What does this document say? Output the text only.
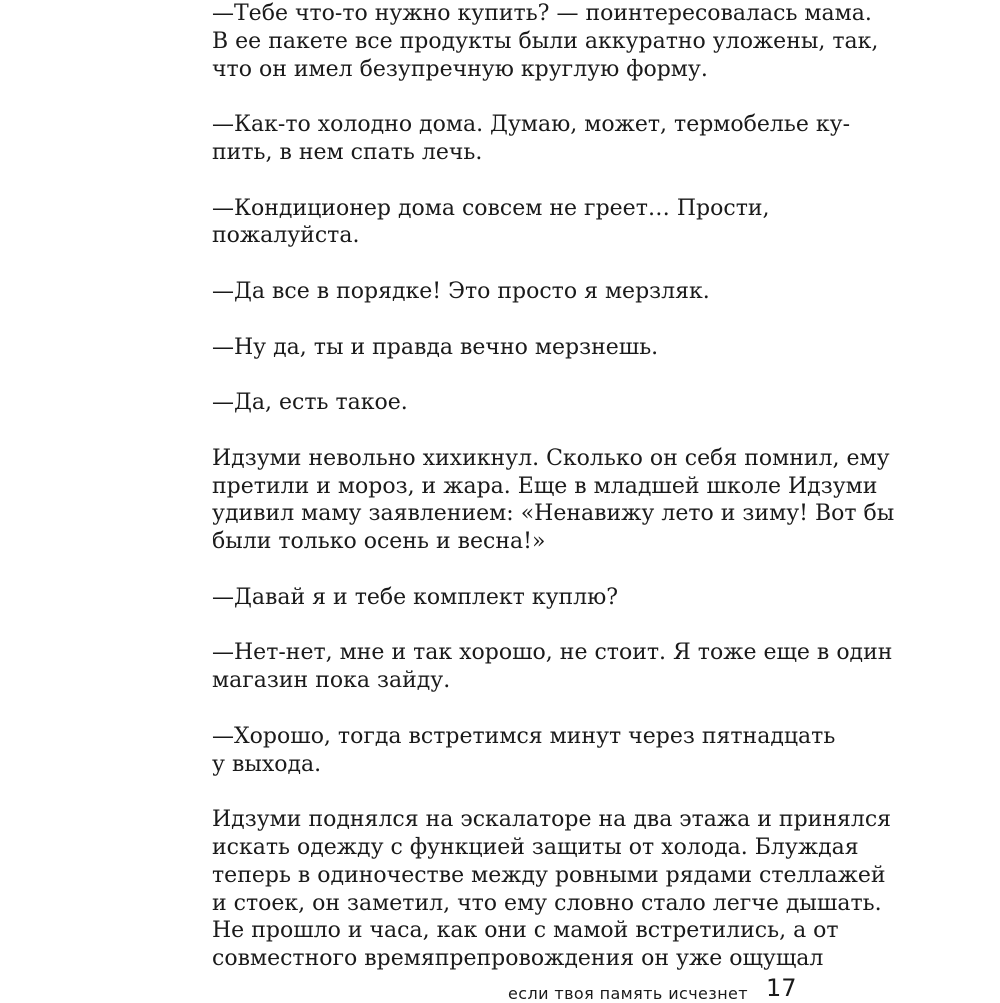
—Тебе что-то нужно купить? — поинтересовалась мама.
В ее пакете все продукты были аккуратно уложены, так,
что он имел безупречную круглую форму.

—Как-то холодно дома. Думаю, может, термобелье ку-
пить, в нем спать лечь.

—Кондиционер дома совсем не греет… Прости,
пожалуйста.

—Да все в порядке! Это просто я мерзляк.

—Ну да, ты и правда вечно мерзнешь.

—Да, есть такое.

Идзуми невольно хихикнул. Сколько он себя помнил, ему
претили и мороз, и жара. Еще в младшей школе Идзуми
удивил маму заявлением: «Ненавижу лето и зиму! Вот бы
были только осень и весна!»

—Давай я и тебе комплект куплю?

—Нет-нет, мне и так хорошо, не стоит. Я тоже еще в один
магазин пока зайду.

—Хорошо, тогда встретимся минут через пятнадцать
у выхода.

Идзуми поднялся на эскалаторе на два этажа и принялся
искать одежду с функцией защиты от холода. Блуждая
теперь в одиночестве между ровными рядами стеллажей
и стоек, он заметил, что ему словно стало легче дышать.
Не прошло и часа, как они с мамой встретились, а от
совместного времяпрепровождения он уже ощущал

если твоя память исчезнет 17
